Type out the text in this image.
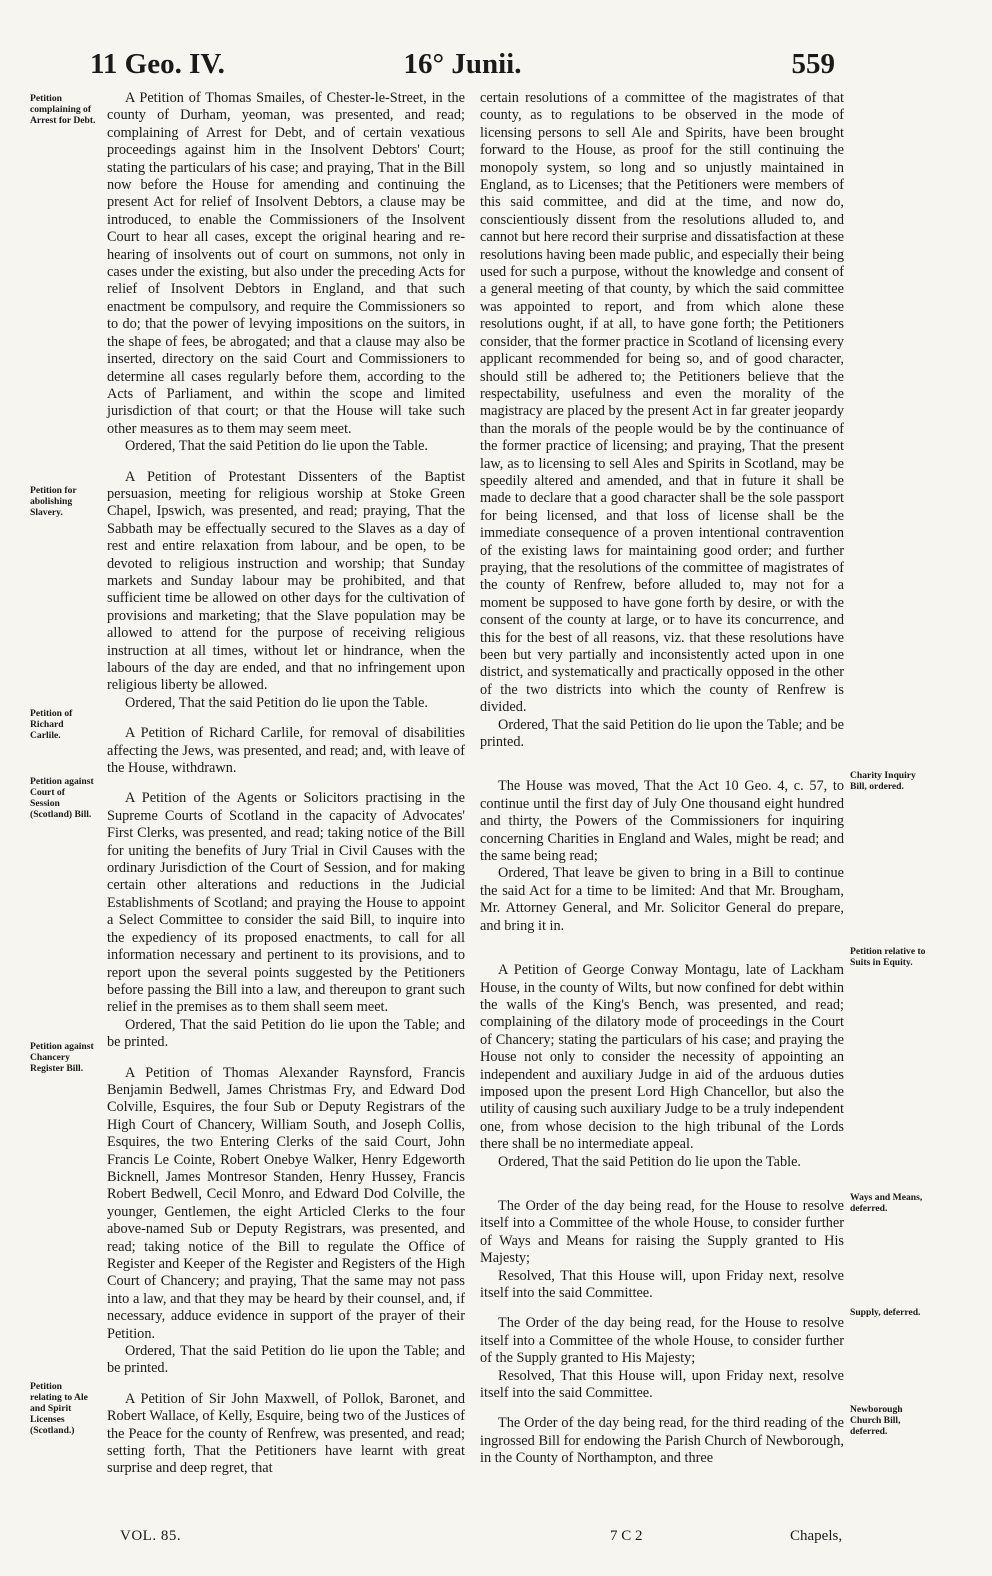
11 Geo. IV.	16° Junii.	559

A Petition of Thomas Smailes, of Chester-le-Street, in the county of Durham, yeoman, was presented, and read; complaining of Arrest for Debt, and of certain vexatious proceedings against him in the Insolvent Debtors' Court; stating the particulars of his case; and praying, That in the Bill now before the House for amending and continuing the present Act for relief of Insolvent Debtors, a clause may be introduced, to enable the Commissioners of the Insolvent Court to hear all cases, except the original hearing and re-hearing of insolvents out of court on summons, not only in cases under the existing, but also under the preceding Acts for relief of Insolvent Debtors in England, and that such enactment be compulsory, and require the Commissioners so to do; that the power of levying impositions on the suitors, in the shape of fees, be abrogated; and that a clause may also be inserted, directory on the said Court and Commissioners to determine all cases regularly before them, according to the Acts of Parliament, and within the scope and limited jurisdiction of that court; or that the House will take such other measures as to them may seem meet.

Ordered, That the said Petition do lie upon the Table.

A Petition of Protestant Dissenters of the Baptist persuasion, meeting for religious worship at Stoke Green Chapel, Ipswich, was presented, and read; praying, That the Sabbath may be effectually secured to the Slaves as a day of rest and entire relaxation from labour, and be open, to be devoted to religious instruction and worship; that Sunday markets and Sunday labour may be prohibited, and that sufficient time be allowed on other days for the cultivation of provisions and marketing; that the Slave population may be allowed to attend for the purpose of receiving religious instruction at all times, without let or hindrance, when the labours of the day are ended, and that no infringement upon religious liberty be allowed.

Ordered, That the said Petition do lie upon the Table.

A Petition of Richard Carlile, for removal of disabilities affecting the Jews, was presented, and read; and, with leave of the House, withdrawn.

A Petition of the Agents or Solicitors practising in the Supreme Courts of Scotland in the capacity of Advocates' First Clerks, was presented, and read; taking notice of the Bill for uniting the benefits of Jury Trial in Civil Causes with the ordinary Jurisdiction of the Court of Session, and for making certain other alterations and reductions in the Judicial Establishments of Scotland; and praying the House to appoint a Select Committee to consider the said Bill, to inquire into the expediency of its proposed enactments, to call for all information necessary and pertinent to its provisions, and to report upon the several points suggested by the Petitioners before passing the Bill into a law, and thereupon to grant such relief in the premises as to them shall seem meet.

Ordered, That the said Petition do lie upon the Table; and be printed.

A Petition of Thomas Alexander Raynsford, Francis Benjamin Bedwell, James Christmas Fry, and Edward Dod Colville, Esquires, the four Sub or Deputy Registrars of the High Court of Chancery, William South, and Joseph Collis, Esquires, the two Entering Clerks of the said Court, John Francis Le Cointe, Robert Onebye Walker, Henry Edgeworth Bicknell, James Montresor Standen, Henry Hussey, Francis Robert Bedwell, Cecil Monro, and Edward Dod Colville, the younger, Gentlemen, the eight Articled Clerks to the four above-named Sub or Deputy Registrars, was presented, and read; taking notice of the Bill to regulate the Office of Register and Keeper of the Register and Registers of the High Court of Chancery; and praying, That the same may not pass into a law, and that they may be heard by their counsel, and, if necessary, adduce evidence in support of the prayer of their Petition.

Ordered, That the said Petition do lie upon the Table; and be printed.

A Petition of Sir John Maxwell, of Pollok, Baronet, and Robert Wallace, of Kelly, Esquire, being two of the Justices of the Peace for the county of Renfrew, was presented, and read; setting forth, That the Petitioners have learnt with great surprise and deep regret, that

Petition complaining of Arrest for Debt.
Petition for abolishing Slavery.
Petition of Richard Carlile.
Petition against Court of Session (Scotland) Bill.
Petition against Chancery Register Bill.
Petition relating to Ale and Spirit Licenses (Scotland.)

certain resolutions of a committee of the magistrates of that county, as to regulations to be observed in the mode of licensing persons to sell Ale and Spirits, have been brought forward to the House, as proof for the still continuing the monopoly system, so long and so unjustly maintained in England, as to Licenses; that the Petitioners were members of this said committee, and did at the time, and now do, conscientiously dissent from the resolutions alluded to, and cannot but here record their surprise and dissatisfaction at these resolutions having been made public, and especially their being used for such a purpose, without the knowledge and consent of a general meeting of that county, by which the said committee was appointed to report, and from which alone these resolutions ought, if at all, to have gone forth; the Petitioners consider, that the former practice in Scotland of licensing every applicant recommended for being so, and of good character, should still be adhered to; the Petitioners believe that the respectability, usefulness and even the morality of the magistracy are placed by the present Act in far greater jeopardy than the morals of the people would be by the continuance of the former practice of licensing; and praying, That the present law, as to licensing to sell Ales and Spirits in Scotland, may be speedily altered and amended, and that in future it shall be made to declare that a good character shall be the sole passport for being licensed, and that loss of license shall be the immediate consequence of a proven intentional contravention of the existing laws for maintaining good order; and further praying, that the resolutions of the committee of magistrates of the county of Renfrew, before alluded to, may not for a moment be supposed to have gone forth by desire, or with the consent of the county at large, or to have its concurrence, and this for the best of all reasons, viz. that these resolutions have been but very partially and inconsistently acted upon in one district, and systematically and practically opposed in the other of the two districts into which the county of Renfrew is divided.

Ordered, That the said Petition do lie upon the Table; and be printed.

The House was moved, That the Act 10 Geo. 4, c. 57, to continue until the first day of July One thousand eight hundred and thirty, the Powers of the Commissioners for inquiring concerning Charities in England and Wales, might be read; and the same being read;

Ordered, That leave be given to bring in a Bill to continue the said Act for a time to be limited: And that Mr. Brougham, Mr. Attorney General, and Mr. Solicitor General do prepare, and bring it in.

A Petition of George Conway Montagu, late of Lackham House, in the county of Wilts, but now confined for debt within the walls of the King's Bench, was presented, and read; complaining of the dilatory mode of proceedings in the Court of Chancery; stating the particulars of his case; and praying the House not only to consider the necessity of appointing an independent and auxiliary Judge in aid of the arduous duties imposed upon the present Lord High Chancellor, but also the utility of causing such auxiliary Judge to be a truly independent one, from whose decision to the high tribunal of the Lords there shall be no intermediate appeal.

Ordered, That the said Petition do lie upon the Table.

The Order of the day being read, for the House to resolve itself into a Committee of the whole House, to consider further of Ways and Means for raising the Supply granted to His Majesty;

Resolved, That this House will, upon Friday next, resolve itself into the said Committee.

The Order of the day being read, for the House to resolve itself into a Committee of the whole House, to consider further of the Supply granted to His Majesty;

Resolved, That this House will, upon Friday next, resolve itself into the said Committee.

The Order of the day being read, for the third reading of the ingrossed Bill for endowing the Parish Church of Newborough, in the County of Northampton, and three

Charity Inquiry Bill, ordered.
Petition relative to Suits in Equity.
Ways and Means, deferred.
Supply, deferred.
Newborough Church Bill, deferred.
VOL. 85.	7 C 2	Chapels,
